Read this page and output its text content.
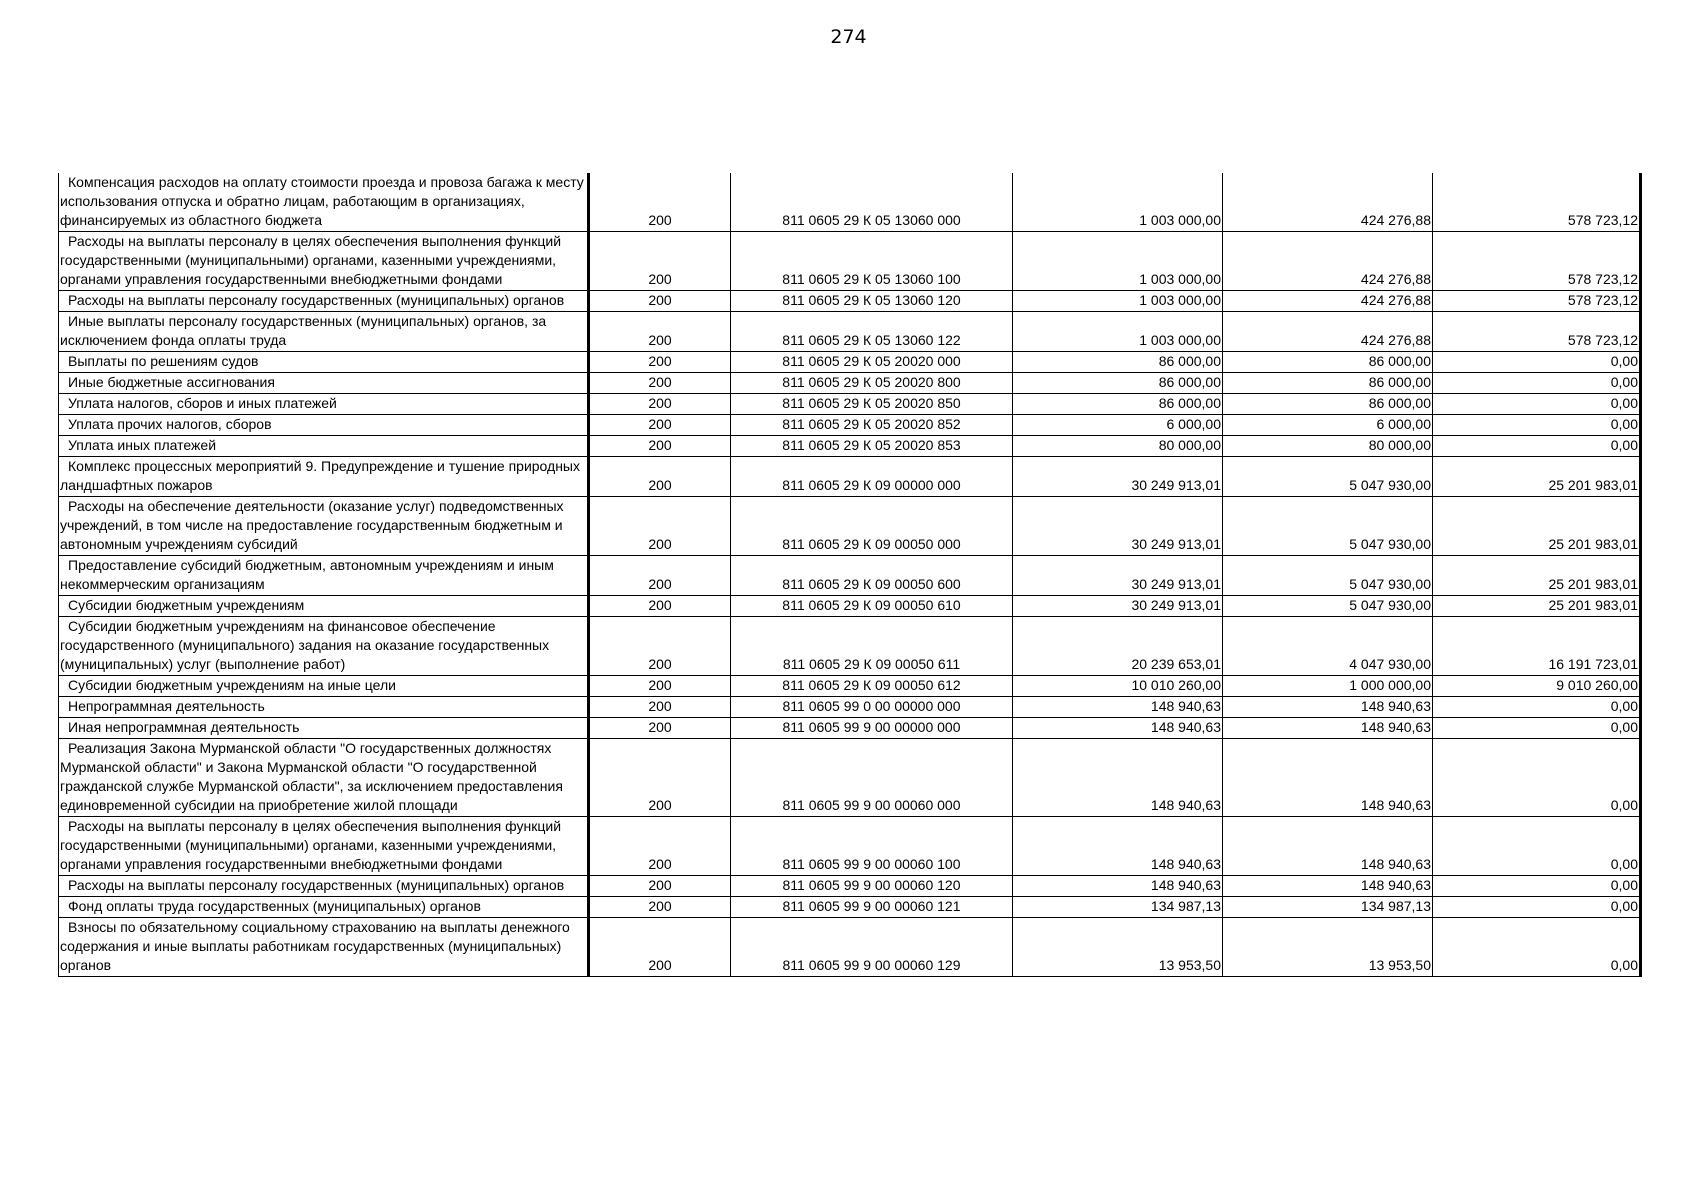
274
Компенсация расходов на оплату стоимости проезда и провоза багажа к месту использования отпуска и обратно лицам, работающим в организациях, финансируемых из областного бюджета	200	811 0605 29 К 05 13060 000	1 003 000,00	424 276,88	578 723,12
Расходы на выплаты персоналу в целях обеспечения выполнения функций государственными (муниципальными) органами, казенными учреждениями, органами управления государственными внебюджетными фондами	200	811 0605 29 К 05 13060 100	1 003 000,00	424 276,88	578 723,12
Расходы на выплаты персоналу государственных (муниципальных) органов	200	811 0605 29 К 05 13060 120	1 003 000,00	424 276,88	578 723,12
Иные выплаты персоналу государственных (муниципальных) органов, за исключением фонда оплаты труда	200	811 0605 29 К 05 13060 122	1 003 000,00	424 276,88	578 723,12
Выплаты по решениям судов	200	811 0605 29 К 05 20020 000	86 000,00	86 000,00	0,00
Иные бюджетные ассигнования	200	811 0605 29 К 05 20020 800	86 000,00	86 000,00	0,00
Уплата налогов, сборов и иных платежей	200	811 0605 29 К 05 20020 850	86 000,00	86 000,00	0,00
Уплата прочих налогов, сборов	200	811 0605 29 К 05 20020 852	6 000,00	6 000,00	0,00
Уплата иных платежей	200	811 0605 29 К 05 20020 853	80 000,00	80 000,00	0,00
Комплекс процессных мероприятий 9. Предупреждение и тушение природных ландшафтных пожаров	200	811 0605 29 К 09 00000 000	30 249 913,01	5 047 930,00	25 201 983,01
Расходы на обеспечение деятельности (оказание услуг) подведомственных учреждений, в том числе на предоставление государственным бюджетным и автономным учреждениям субсидий	200	811 0605 29 К 09 00050 000	30 249 913,01	5 047 930,00	25 201 983,01
Предоставление субсидий бюджетным, автономным учреждениям и иным некоммерческим организациям	200	811 0605 29 К 09 00050 600	30 249 913,01	5 047 930,00	25 201 983,01
Субсидии бюджетным учреждениям	200	811 0605 29 К 09 00050 610	30 249 913,01	5 047 930,00	25 201 983,01
Субсидии бюджетным учреждениям на финансовое обеспечение государственного (муниципального) задания на оказание государственных (муниципальных) услуг (выполнение работ)	200	811 0605 29 К 09 00050 611	20 239 653,01	4 047 930,00	16 191 723,01
Субсидии бюджетным учреждениям на иные цели	200	811 0605 29 К 09 00050 612	10 010 260,00	1 000 000,00	9 010 260,00
Непрограммная деятельность	200	811 0605 99 0 00 00000 000	148 940,63	148 940,63	0,00
Иная непрограммная деятельность	200	811 0605 99 9 00 00000 000	148 940,63	148 940,63	0,00
Реализация Закона Мурманской области "О государственных должностях Мурманской области" и Закона Мурманской области "О государственной гражданской службе Мурманской области", за исключением предоставления единовременной субсидии на приобретение жилой площади	200	811 0605 99 9 00 00060 000	148 940,63	148 940,63	0,00
Расходы на выплаты персоналу в целях обеспечения выполнения функций государственными (муниципальными) органами, казенными учреждениями, органами управления государственными внебюджетными фондами	200	811 0605 99 9 00 00060 100	148 940,63	148 940,63	0,00
Расходы на выплаты персоналу государственных (муниципальных) органов	200	811 0605 99 9 00 00060 120	148 940,63	148 940,63	0,00
Фонд оплаты труда государственных (муниципальных) органов	200	811 0605 99 9 00 00060 121	134 987,13	134 987,13	0,00
Взносы по обязательному социальному страхованию на выплаты денежного содержания и иные выплаты работникам государственных (муниципальных) органов	200	811 0605 99 9 00 00060 129	13 953,50	13 953,50	0,00
